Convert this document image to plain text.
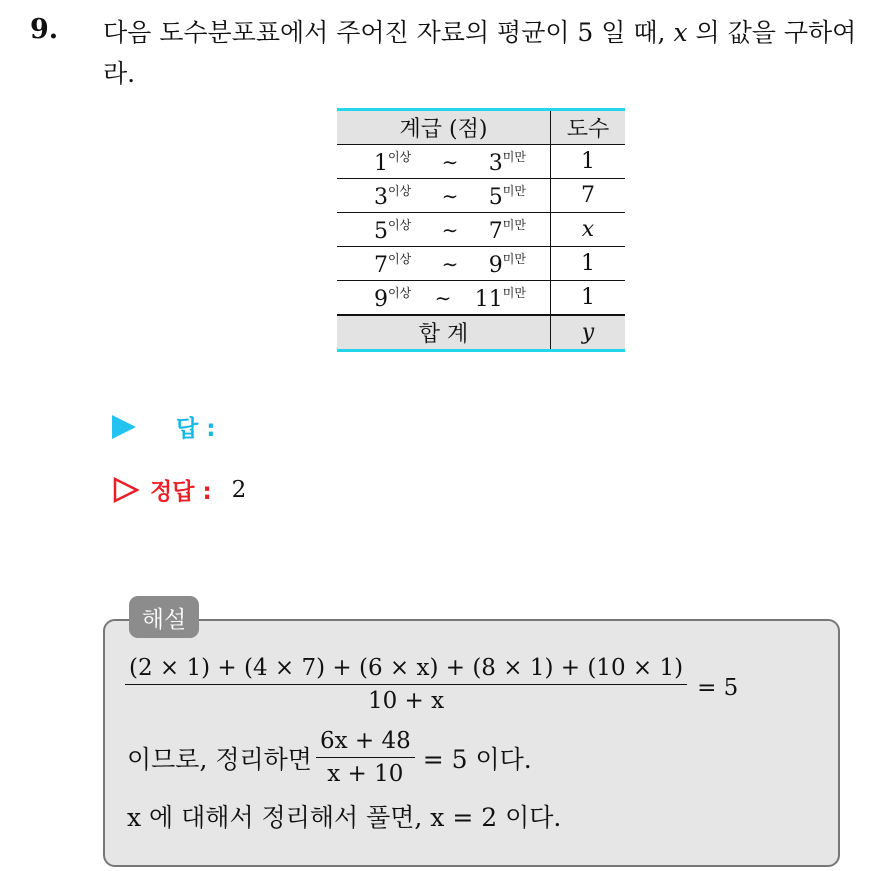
9. 다음 도수분포표에서 주어진 자료의 평균이 5 일 때, x 의 값을 구하여라.
계급 (점)	도수

$1^{이상}$ ∼ $3^{미만}$	1

$3^{이상}$ ∼ $5^{미만}$	7

$5^{이상}$ ∼ $7^{미만}$	x

$7^{이상}$ ∼ $9^{미만}$	1

$9^{이상}$ ∼ $11^{미만}$	1
합 계	y
답 :
정답 : 2
해설
$\frac{(2 \times 1) + (4 \times 7) + (6 \times x) + (8 \times 1) + (10 \times 1)}{10 + x} = 5$
이므로, 정리하면 $\frac{6x + 48}{x + 10} = 5$ 이다.
x 에 대해서 정리해서 풀면, x = 2 이다.
